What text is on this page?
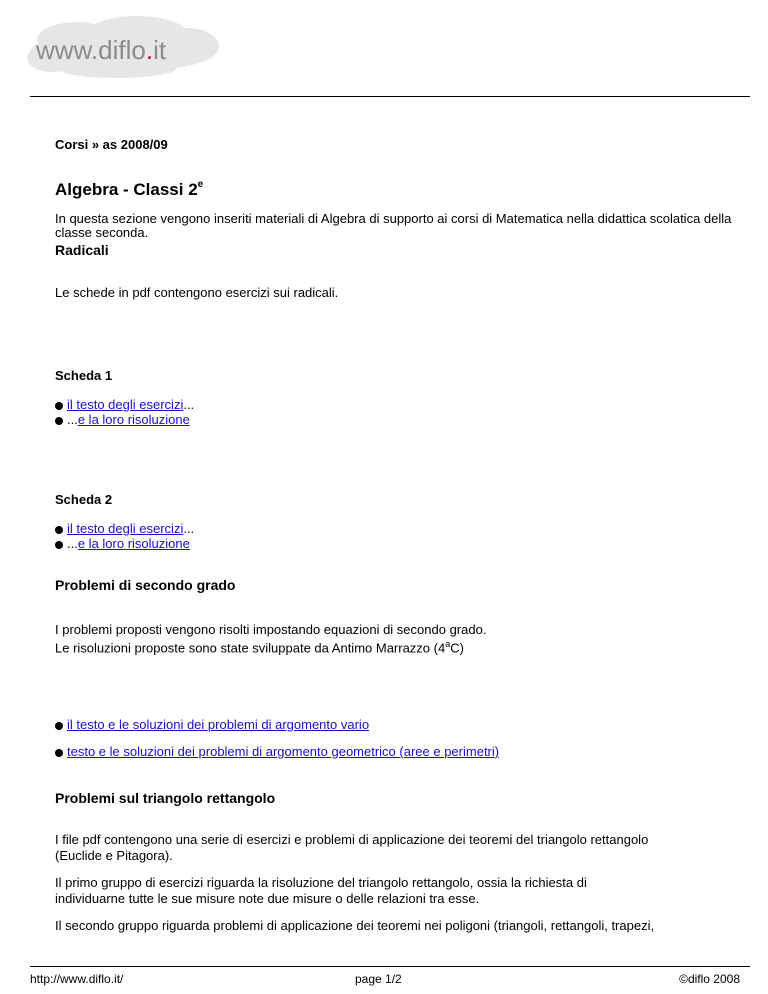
www.diflo.it
Corsi » as 2008/09
Algebra - Classi 2e
In questa sezione vengono inseriti materiali di Algebra di supporto ai corsi di Matematica nella didattica scolatica della classe seconda.
Radicali
Le schede in pdf contengono esercizi sui radicali.
Scheda 1
il testo degli esercizi...
...e la loro risoluzione
Scheda 2
il testo degli esercizi...
...e la loro risoluzione
Problemi di secondo grado
I problemi proposti vengono risolti impostando equazioni di secondo grado.
Le risoluzioni proposte sono state sviluppate da Antimo Marrazzo (4$^a$C)
il testo e le soluzioni dei problemi di argomento vario
testo e le soluzioni dei problemi di argomento geometrico (aree e perimetri)
Problemi sul triangolo rettangolo
I file pdf contengono una serie di esercizi e problemi di applicazione dei teoremi del triangolo rettangolo
(Euclide e Pitagora).
Il primo gruppo di esercizi riguarda la risoluzione del triangolo rettangolo, ossia la richiesta di
individuarne tutte le sue misure note due misure o delle relazioni tra esse.
Il secondo gruppo riguarda problemi di applicazione dei teoremi nei poligoni (triangoli, rettangoli, trapezi,
http://www.diflo.it/	page 1/2	©diflo 2008
